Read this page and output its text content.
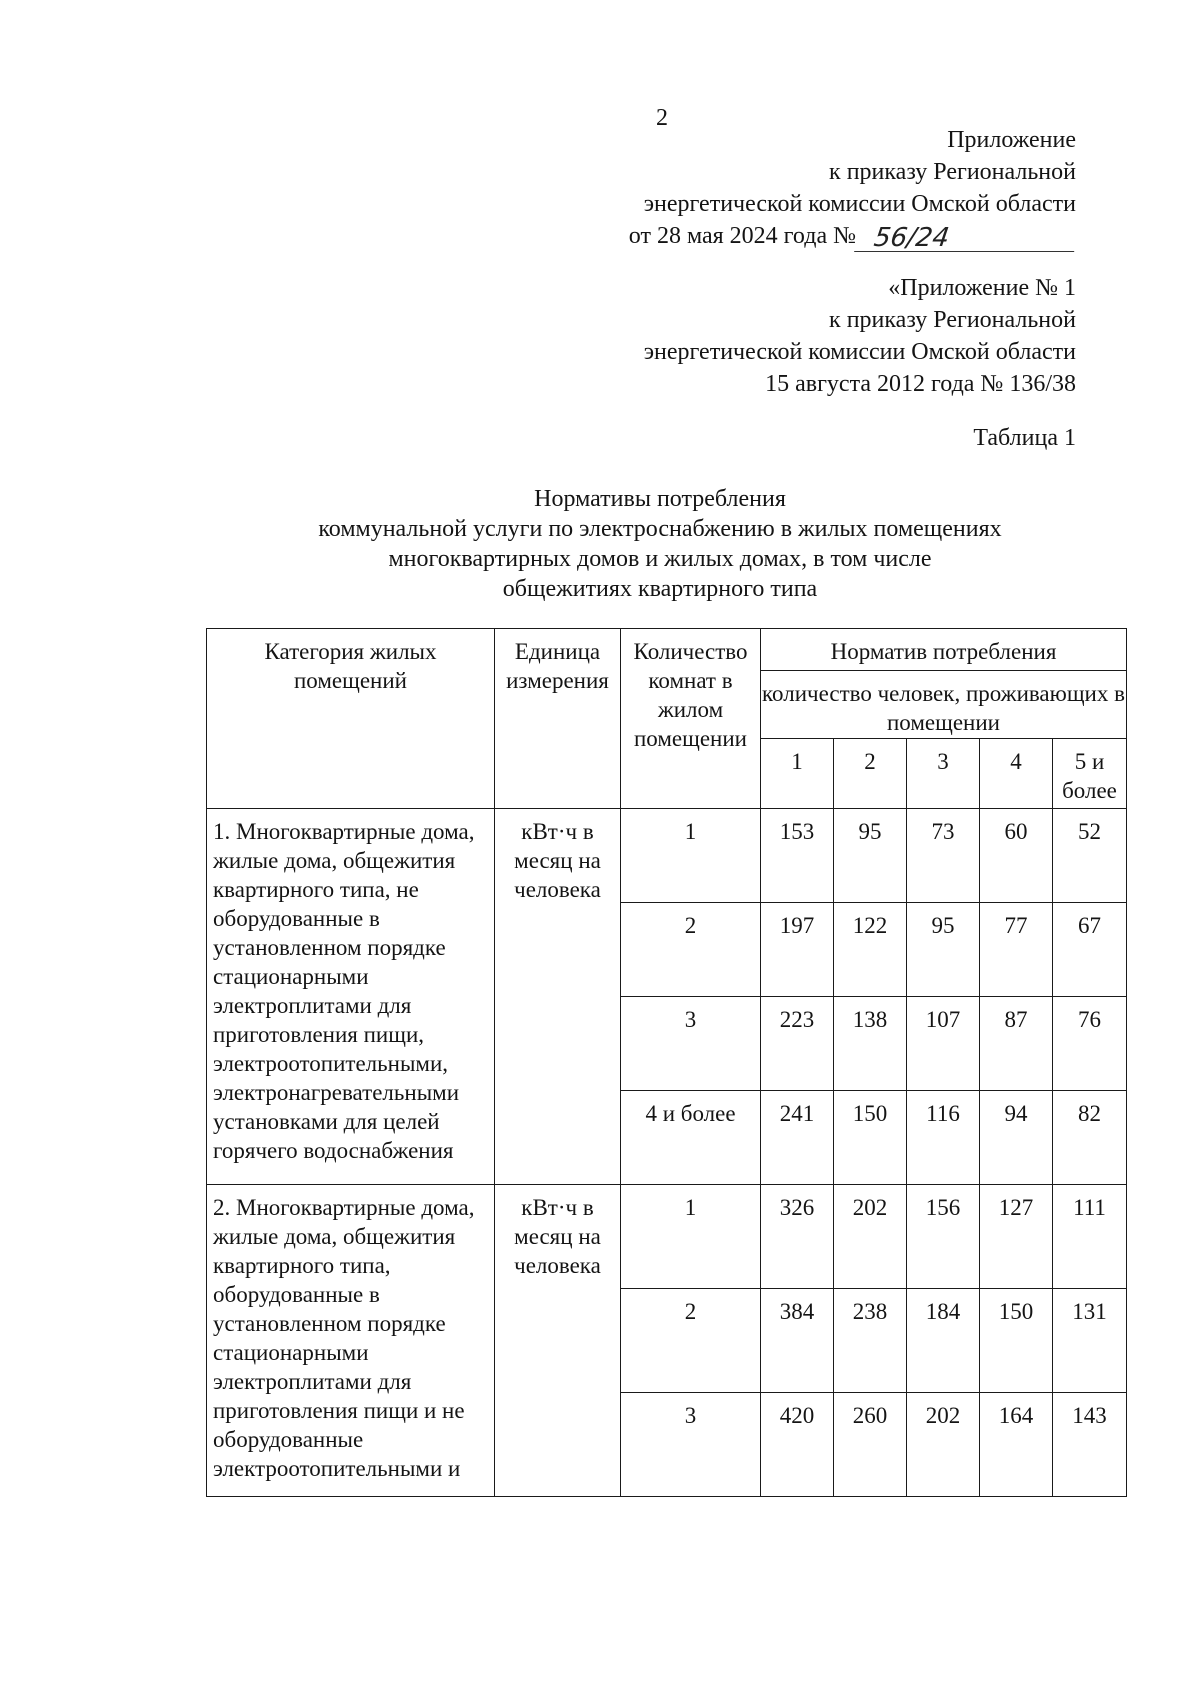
2
Приложение
к приказу Региональной
энергетической комиссии Омской области
от 28 мая 2024 года № 56/24
«Приложение № 1
к приказу Региональной
энергетической комиссии Омской области
15 августа 2012 года № 136/38
Таблица 1
Нормативы потребления
коммунальной услуги по электроснабжению в жилых помещениях
многоквартирных домов и жилых домах, в том числе
общежитиях квартирного типа
Категория жилых помещений	Единица измерения	Количество комнат в жилом помещении	Норматив потребления				
			количество человек, проживающих в помещении				
			1	2	3	4	5 и более
1. Многоквартирные дома, жилые дома, общежития квартирного типа, не оборудованные в установленном порядке стационарными электроплитами для приготовления пищи, электроотопительными, электронагревательными установками для целей горячего водоснабжения	кВт·ч в месяц на человека	1	153	95	73	60	52
		2	197	122	95	77	67
		3	223	138	107	87	76
		4 и более	241	150	116	94	82
2. Многоквартирные дома, жилые дома, общежития квартирного типа, оборудованные в установленном порядке стационарными электроплитами для приготовления пищи и не оборудованные электроотопительными и	кВт·ч в месяц на человека	1	326	202	156	127	111
		2	384	238	184	150	131
		3	420	260	202	164	143
